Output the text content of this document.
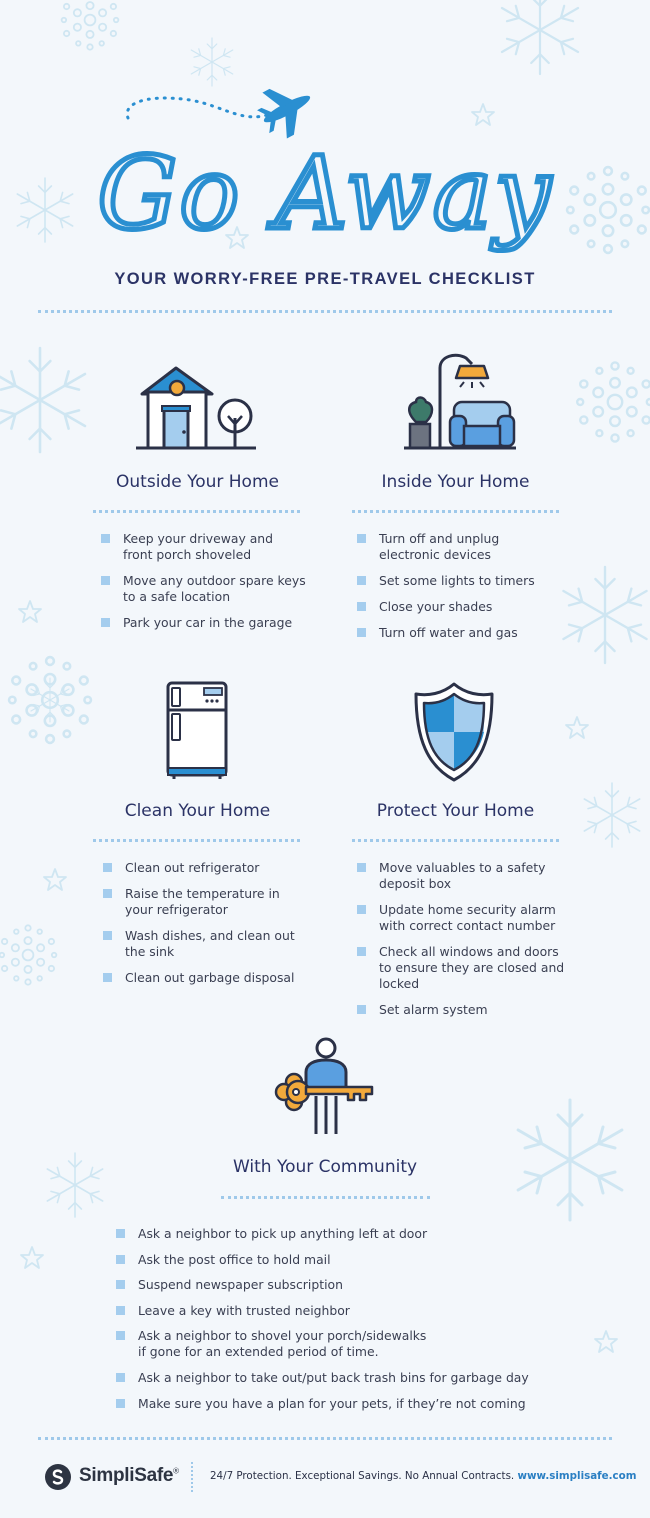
Go Away
YOUR WORRY-FREE PRE-TRAVEL CHECKLIST
Outside Your Home	Inside Your Home
Keep your driveway and
front porch shoveled
Move any outdoor spare keys
to a safe location
Park your car in the garage
Turn off and unplug
electronic devices
Set some lights to timers
Close your shades
Turn off water and gas
Clean Your Home	Protect Your Home
Clean out refrigerator
Raise the temperature in
your refrigerator
Wash dishes, and clean out
the sink
Clean out garbage disposal
Move valuables to a safety
deposit box
Update home security alarm
with correct contact number
Check all windows and doors
to ensure they are closed and
locked
Set alarm system
With Your Community
Ask a neighbor to pick up anything left at door
Ask the post office to hold mail
Suspend newspaper subscription
Leave a key with trusted neighbor
Ask a neighbor to shovel your porch/sidewalks
if gone for an extended period of time.
Ask a neighbor to take out/put back trash bins for garbage day
Make sure you have a plan for your pets, if they’re not coming
SimpliSafe®	24/7 Protection. Exceptional Savings. No Annual Contracts. www.simplisafe.com
